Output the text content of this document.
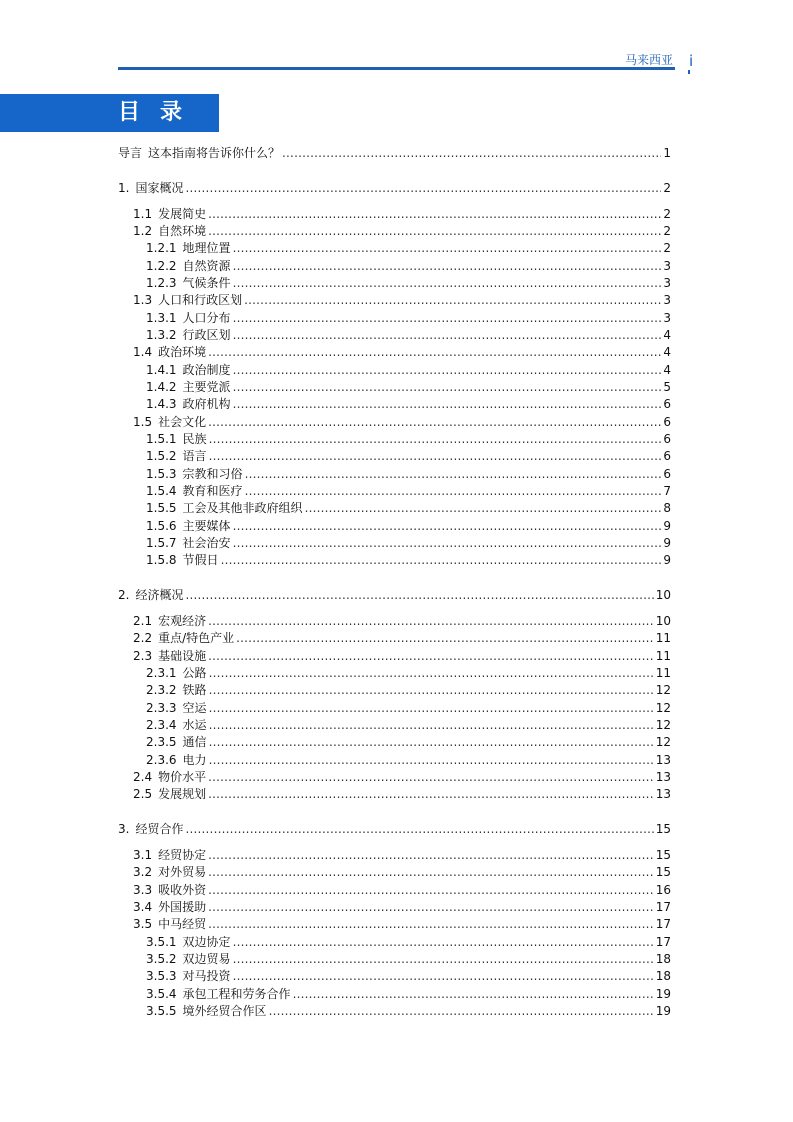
马来西亚 i
目录
导言 这本指南将告诉你什么？ .....	1
1. 国家概况 .....	2
1.1 发展简史 .....	2
1.2 自然环境 .....	2
1.2.1 地理位置 .....	2
1.2.2 自然资源 .....	3
1.2.3 气候条件 .....	3
1.3 人口和行政区划 .....	3
1.3.1 人口分布 .....	3
1.3.2 行政区划 .....	4
1.4 政治环境 .....	4
1.4.1 政治制度 .....	4
1.4.2 主要党派 .....	5
1.4.3 政府机构 .....	6
1.5 社会文化 .....	6
1.5.1 民族 .....	6
1.5.2 语言 .....	6
1.5.3 宗教和习俗 .....	6
1.5.4 教育和医疗 .....	7
1.5.5 工会及其他非政府组织 .....	8
1.5.6 主要媒体 .....	9
1.5.7 社会治安 .....	9
1.5.8 节假日 .....	9
2. 经济概况 .....	10
2.1 宏观经济 .....	10
2.2 重点/特色产业 .....	11
2.3 基础设施 .....	11
2.3.1 公路 .....	11
2.3.2 铁路 .....	12
2.3.3 空运 .....	12
2.3.4 水运 .....	12
2.3.5 通信 .....	12
2.3.6 电力 .....	13
2.4 物价水平 .....	13
2.5 发展规划 .....	13
3. 经贸合作 .....	15
3.1 经贸协定 .....	15
3.2 对外贸易 .....	15
3.3 吸收外资 .....	16
3.4 外国援助 .....	17
3.5 中马经贸 .....	17
3.5.1 双边协定 .....	17
3.5.2 双边贸易 .....	18
3.5.3 对马投资 .....	18
3.5.4 承包工程和劳务合作 .....	19
3.5.5 境外经贸合作区 .....	19
